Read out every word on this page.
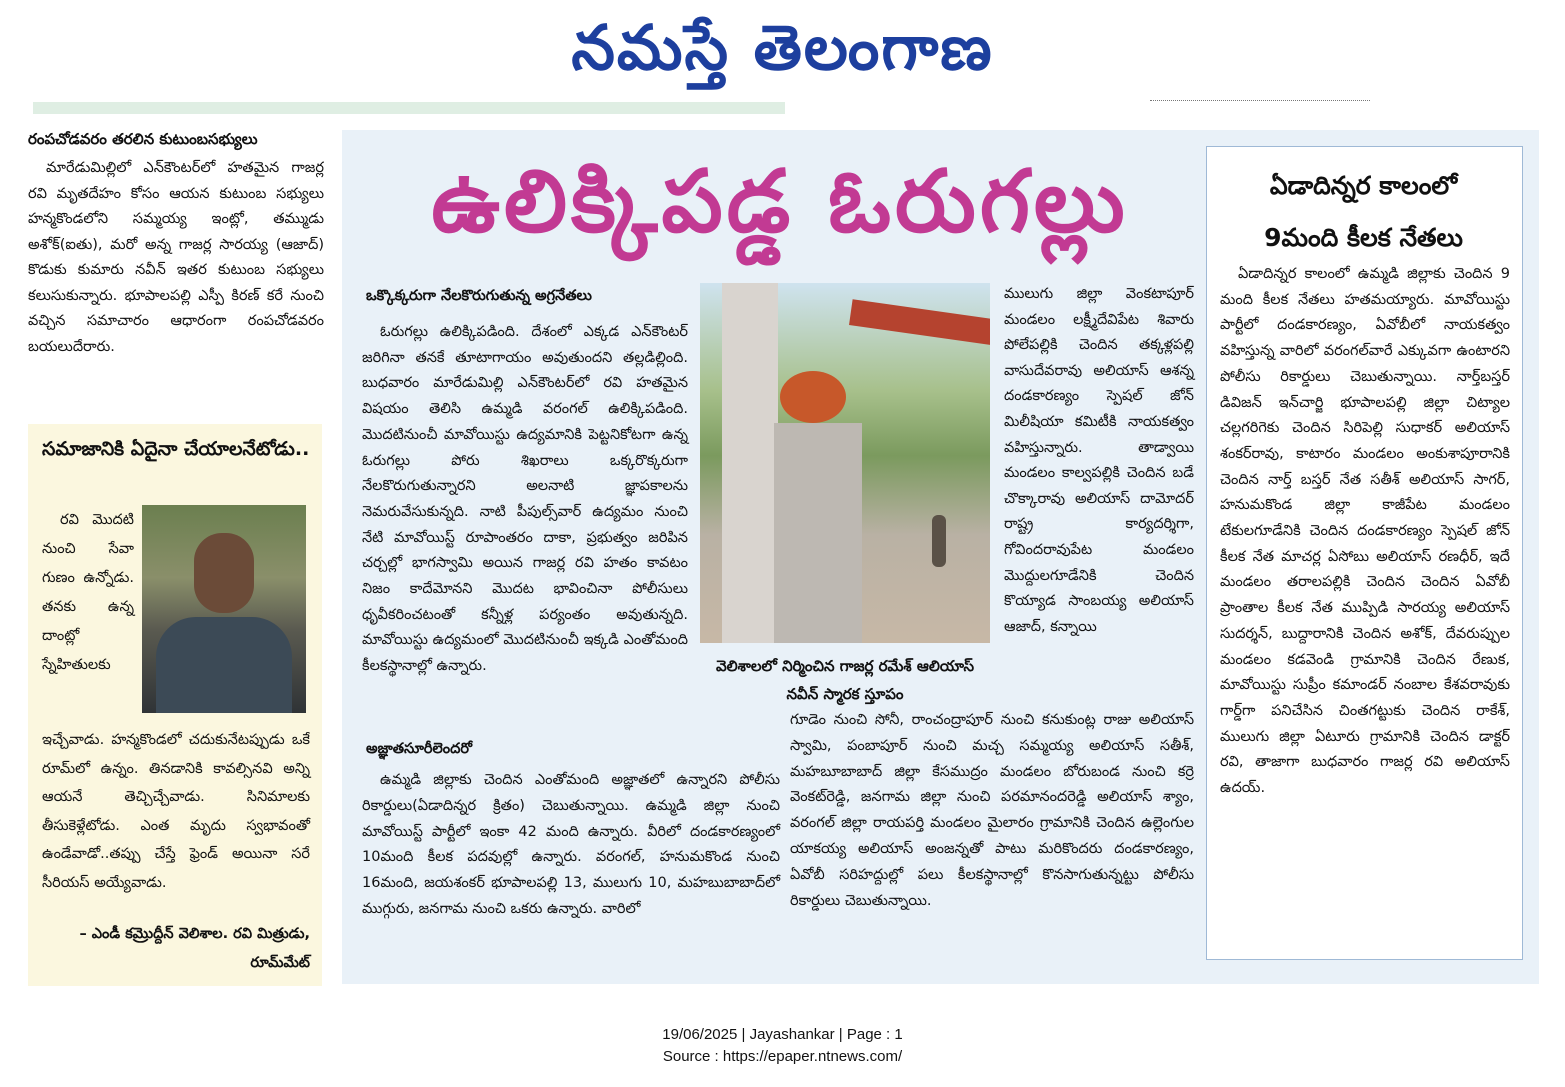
నమస్తే తెలంగాణ
రంపచోడవరం తరలిన కుటుంబసభ్యులు

మారేడుమిల్లిలో ఎన్‌కౌంటర్‌లో హతమైన గాజర్ల రవి మృతదేహం కోసం ఆయన కుటుంబ సభ్యులు హన్మకొండలోని సమ్మయ్య ఇంట్లో, తమ్ముడు అశోక్(ఐతు), మరో అన్న గాజర్ల సారయ్య (ఆజాద్) కొడుకు కుమారు నవీన్ ఇతర కుటుంబ సభ్యులు కలుసుకున్నారు. భూపాలపల్లి ఎస్పీ కిరణ్ కరే నుంచి వచ్చిన సమాచారం ఆధారంగా రంపచోడవరం బయలుదేరారు.

సమాజానికి ఏదైనా చేయాలనేటోడు..

రవి మొదటి నుంచి సేవా గుణం ఉన్నోడు. తనకు ఉన్న దాంట్లో స్నేహితులకు

ఇచ్చేవాడు. హన్మకొండలో చదుకునేటప్పుడు ఒకే రూమ్‌లో ఉన్నం. తినడానికి కావల్సినవి అన్ని ఆయనే తెచ్చిచ్చేవాడు. సినిమాలకు తీసుకెళ్లేటోడు. ఎంత మృదు స్వభావంతో ఉండేవాడో..తప్పు చేస్తే ఫ్రెండ్ అయినా సరే సీరియస్ అయ్యేవాడు.

– ఎండీ కమ్రొద్దీన్ వెలిశాల. రవి మిత్రుడు, రూమ్‌మేట్
ఉలిక్కిపడ్డ ఓరుగల్లు
ఒక్కొక్కరుగా నేలకొరుగుతున్న అగ్రనేతలు

ఓరుగల్లు ఉలిక్కిపడింది. దేశంలో ఎక్కడ ఎన్‌కౌంటర్ జరిగినా తనకే తూటాగాయం అవుతుందని తల్లడిల్లింది. బుధవారం మారేడుమిల్లి ఎన్‌కౌంటర్‌లో రవి హతమైన విషయం తెలిసి ఉమ్మడి వరంగల్ ఉలిక్కిపడింది. మొదటినుంచీ మావోయిస్టు ఉద్యమానికి పెట్టనికోటగా ఉన్న ఓరుగల్లు పోరు శిఖరాలు ఒక్కరొక్కరుగా నేలకొరుగుతున్నారని అలనాటి జ్ఞాపకాలను నెమరువేసుకున్నది. నాటి పీపుల్స్‌వార్ ఉద్యమం నుంచి నేటి మావోయిస్ట్ రూపాంతరం దాకా, ప్రభుత్వం జరిపిన చర్చల్లో భాగస్వామి అయిన గాజర్ల రవి హతం కావటం నిజం కాదేమోనని మొదట భావించినా పోలీసులు ధృవీకరించటంతో కన్నీళ్ల పర్యంతం అవుతున్నది. మావోయిస్టు ఉద్యమంలో మొదటినుంచీ ఇక్కడి ఎంతోమంది కీలకస్థానాల్లో ఉన్నారు.	వెలిశాలలో నిర్మించిన గాజర్ల రమేశ్ ఆలియాస్ నవీన్ స్మారక స్తూపం

ములుగు జిల్లా వెంకటాపూర్ మండలం లక్ష్మీదేవిపేట శివారు పోలేపల్లికి చెందిన తక్కళ్లపల్లి వాసుదేవరావు అలియాస్ ఆశన్న దండకారణ్యం స్పెషల్ జోన్ మిలీషియా కమిటీకి నాయకత్వం వహిస్తున్నారు. తాడ్వాయి మండలం కాల్వపల్లికి చెందిన బడే చొక్కారావు అలియాస్ దామోదర్ రాష్ట్ర కార్యదర్శిగా, గోవిందరావుపేట మండలం మొద్దులగూడేనికి చెందిన కొయ్యాడ సాంబయ్య అలియాస్ ఆజాద్, కన్నాయి

అజ్ఞాతసూరీలెందరో

ఉమ్మడి జిల్లాకు చెందిన ఎంతోమంది అజ్ఞాతలో ఉన్నారని పోలీసు రికార్డులు(ఏడాదిన్నర క్రితం) చెబుతున్నాయి. ఉమ్మడి జిల్లా నుంచి మావోయిస్ట్ పార్టీలో ఇంకా 42 మంది ఉన్నారు. వీరిలో దండకారణ్యంలో 10మంది కీలక పదవుల్లో ఉన్నారు. వరంగల్, హనుమకొండ నుంచి 16మంది, జయశంకర్ భూపాలపల్లి 13, ములుగు 10, మహబుబాబాద్‌లో ముగ్గురు, జనగామ నుంచి ఒకరు ఉన్నారు. వారిలో

గూడెం నుంచి సోనీ, రాంచంద్రాపూర్ నుంచి కనుకుంట్ల రాజు అలియాస్ స్వామి, పంబాపూర్ నుంచి మచ్చ సమ్మయ్య అలియాస్ సతీశ్, మహబూబాబాద్ జిల్లా కేసముద్రం మండలం బోరుబండ నుంచి కర్రె వెంకట్‌రెడ్డి, జనగామ జిల్లా నుంచి పరమానందరెడ్డి అలియాస్ శ్యాం, వరంగల్ జిల్లా రాయపర్తి మండలం మైలారం గ్రామానికి చెందిన ఉల్లెంగుల యాకయ్య అలియాస్ అంజన్నతో పాటు మరికొందరు దండకారణ్యం, ఏవోబీ సరిహద్దుల్లో పలు కీలకస్థానాల్లో కొనసాగుతున్నట్టు పోలీసు రికార్డులు చెబుతున్నాయి.

ఏడాదిన్నర కాలంలో
9మంది కీలక నేతలు

ఏడాదిన్నర కాలంలో ఉమ్మడి జిల్లాకు చెందిన 9 మంది కీలక నేతలు హతమయ్యారు. మావోయిస్టు పార్టీలో దండకారణ్యం, ఏవోబీలో నాయకత్వం వహిస్తున్న వారిలో వరంగల్‌వారే ఎక్కువగా ఉంటారని పోలీసు రికార్డులు చెబుతున్నాయి. నార్త్‌బస్తర్ డివిజన్ ఇన్‌చార్జి భూపాలపల్లి జిల్లా చిట్యాల చల్లగరిగెకు చెందిన సిరిపెల్లి సుధాకర్ అలియాస్ శంకర్‌రావు, కాటారం మండలం అంకుశాపూరానికి చెందిన నార్త్ బస్తర్ నేత సతీశ్ అలియాస్ సాగర్, హనుమకొండ జిల్లా కాజీపేట మండలం టేకులగూడేనికి చెందిన దండకారణ్యం స్పెషల్ జోన్ కీలక నేత మాచర్ల ఏసోబు అలియాస్ రణధీర్, ఇదే మండలం తరాలపల్లికి చెందిన చెందిన ఏవోబీ ప్రాంతాల కీలక నేత ముప్పిడి సారయ్య అలియాస్ సుదర్శన్, బుద్దారానికి చెందిన అశోక్, దేవరుప్పుల మండలం కడవెండి గ్రామానికి చెందిన రేణుక, మావోయిస్టు సుప్రీం కమాండర్ నంబాల కేశవరావుకు గార్డ్‌గా పనిచేసిన చింతగట్టుకు చెందిన రాకేశ్, ములుగు జిల్లా ఏటూరు గ్రామానికి చెందిన డాక్టర్ రవి, తాజాగా బుధవారం గాజర్ల రవి అలియాస్ ఉదయ్.

19/06/2025 | Jayashankar | Page : 1
Source : https://epaper.ntnews.com/
